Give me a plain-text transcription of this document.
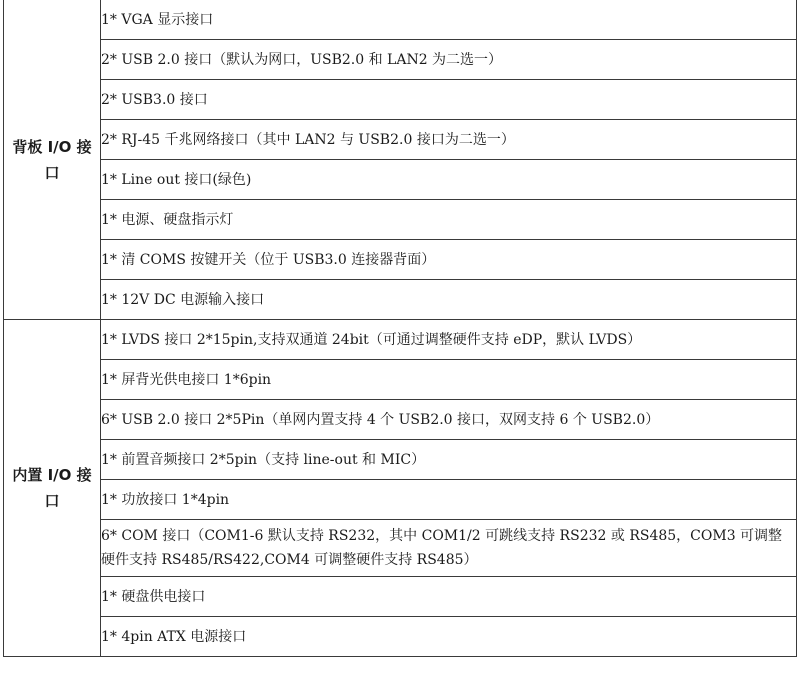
背板 I/O 接口	1* VGA 显示接口

	2* USB 2.0 接口（默认为网口，USB2.0 和 LAN2 为二选一）

	2* USB3.0 接口

	2* RJ-45 千兆网络接口（其中 LAN2 与 USB2.0 接口为二选一）

	1* Line out 接口(绿色)

	1* 电源、硬盘指示灯

	1* 清 COMS 按键开关（位于 USB3.0 连接器背面）

	1* 12V DC 电源输入接口

内置 I/O 接口	1* LVDS 接口 2*15pin,支持双通道 24bit（可通过调整硬件支持 eDP，默认 LVDS）

	1* 屏背光供电接口 1*6pin

	6* USB 2.0 接口 2*5Pin（单网内置支持 4 个 USB2.0 接口，双网支持 6 个 USB2.0）

	1* 前置音频接口 2*5pin（支持 line-out 和 MIC）

	1* 功放接口 1*4pin

	6* COM 接口（COM1-6 默认支持 RS232，其中 COM1/2 可跳线支持 RS232 或 RS485，COM3 可调整硬件支持 RS485/RS422,COM4 可调整硬件支持 RS485）

	1* 硬盘供电接口

	1* 4pin ATX 电源接口
